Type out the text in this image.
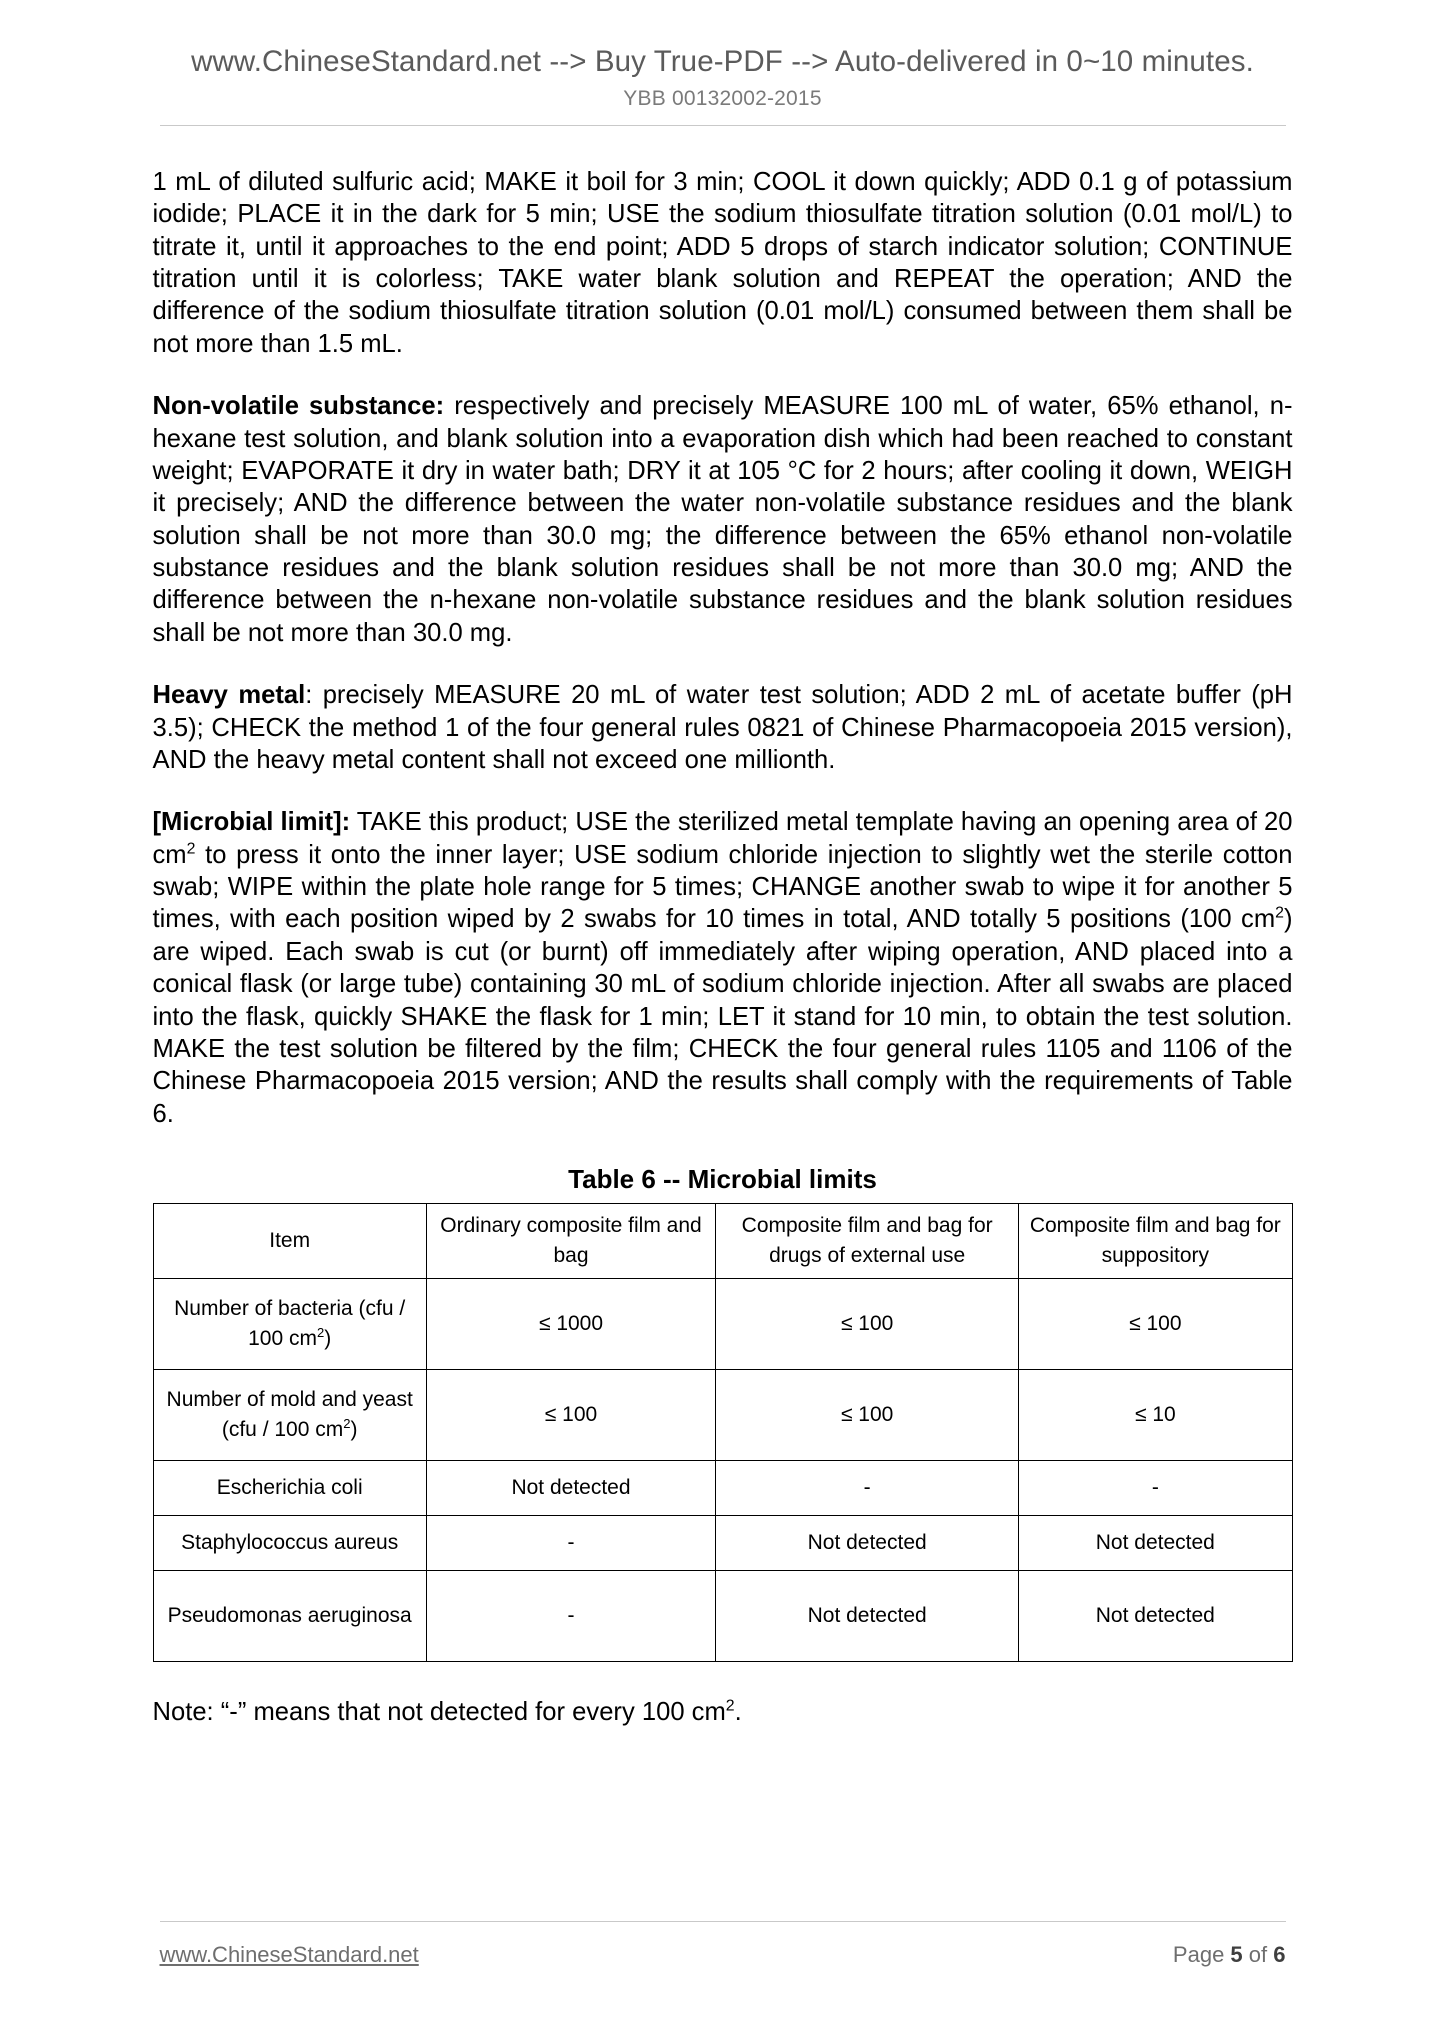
www.ChineseStandard.net --> Buy True-PDF --> Auto-delivered in 0~10 minutes.
YBB 00132002-2015

1 mL of diluted sulfuric acid; MAKE it boil for 3 min; COOL it down quickly; ADD 0.1 g of potassium iodide; PLACE it in the dark for 5 min; USE the sodium thiosulfate titration solution (0.01 mol/L) to titrate it, until it approaches to the end point; ADD 5 drops of starch indicator solution; CONTINUE titration until it is colorless; TAKE water blank solution and REPEAT the operation; AND the difference of the sodium thiosulfate titration solution (0.01 mol/L) consumed between them shall be not more than 1.5 mL.

Non-volatile substance: respectively and precisely MEASURE 100 mL of water, 65% ethanol, n-hexane test solution, and blank solution into a evaporation dish which had been reached to constant weight; EVAPORATE it dry in water bath; DRY it at 105 °C for 2 hours; after cooling it down, WEIGH it precisely; AND the difference between the water non-volatile substance residues and the blank solution shall be not more than 30.0 mg; the difference between the 65% ethanol non-volatile substance residues and the blank solution residues shall be not more than 30.0 mg; AND the difference between the n-hexane non-volatile substance residues and the blank solution residues shall be not more than 30.0 mg.

Heavy metal: precisely MEASURE 20 mL of water test solution; ADD 2 mL of acetate buffer (pH 3.5); CHECK the method 1 of the four general rules 0821 of Chinese Pharmacopoeia 2015 version), AND the heavy metal content shall not exceed one millionth.

[Microbial limit]: TAKE this product; USE the sterilized metal template having an opening area of 20 $cm^2$ to press it onto the inner layer; USE sodium chloride injection to slightly wet the sterile cotton swab; WIPE within the plate hole range for 5 times; CHANGE another swab to wipe it for another 5 times, with each position wiped by 2 swabs for 10 times in total, AND totally 5 positions (100 $cm^2$) are wiped. Each swab is cut (or burnt) off immediately after wiping operation, AND placed into a conical flask (or large tube) containing 30 mL of sodium chloride injection. After all swabs are placed into the flask, quickly SHAKE the flask for 1 min; LET it stand for 10 min, to obtain the test solution. MAKE the test solution be filtered by the film; CHECK the four general rules 1105 and 1106 of the Chinese Pharmacopoeia 2015 version; AND the results shall comply with the requirements of Table 6.

Table 6 -- Microbial limits
Item	Ordinary composite film and bag	Composite film and bag for drugs of external use	Composite film and bag for suppository
Number of bacteria (cfu / 100 $cm^2$)	≤ 1000	≤ 100	≤ 100
Number of mold and yeast (cfu / 100 $cm^2$)	≤ 100	≤ 100	≤ 10
Escherichia coli	Not detected	-	-
Staphylococcus aureus	-	Not detected	Not detected
Pseudomonas aeruginosa	-	Not detected	Not detected
Note: “-” means that not detected for every 100 $cm^2$.
www.ChineseStandard.net	Page 5 of 6
